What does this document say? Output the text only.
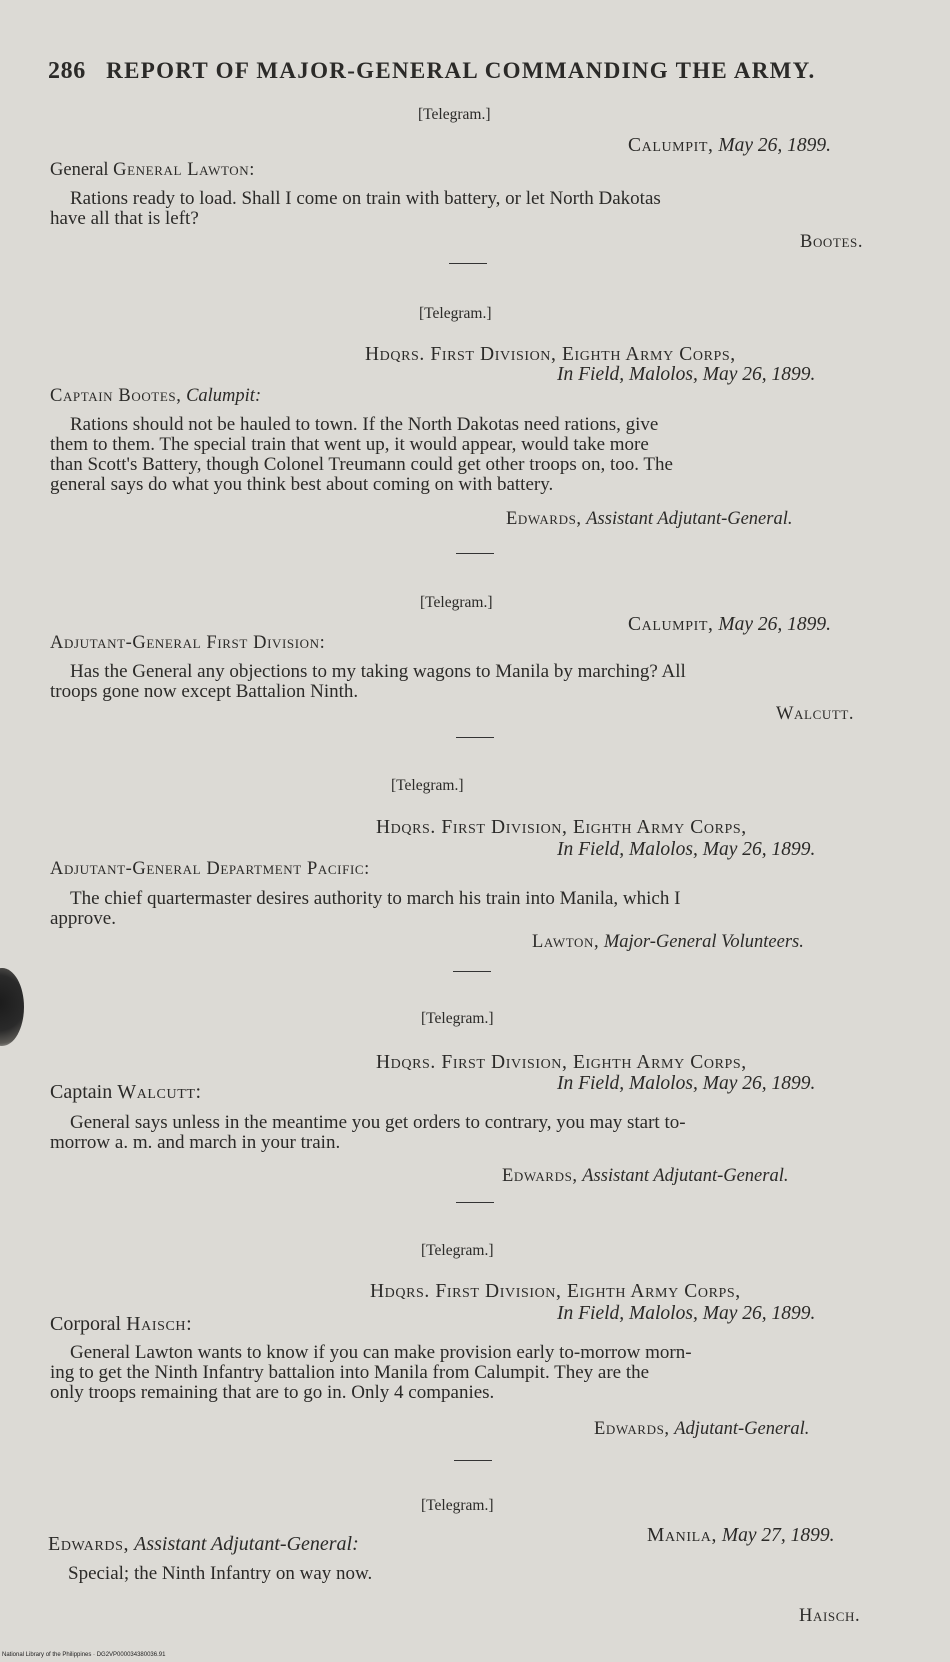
286 REPORT OF MAJOR-GENERAL COMMANDING THE ARMY.
[Telegram.]
Calumpit, May 26, 1899.
General General Lawton:
Rations ready to load. Shall I come on train with battery, or let North Dakotas
have all that is left?
Bootes.
[Telegram.]
Hdqrs. First Division, Eighth Army Corps,
In Field, Malolos, May 26, 1899.
Captain Bootes, Calumpit:
Rations should not be hauled to town. If the North Dakotas need rations, give
them to them. The special train that went up, it would appear, would take more
than Scott's Battery, though Colonel Treumann could get other troops on, too. The
general says do what you think best about coming on with battery.
Edwards, Assistant Adjutant-General.
[Telegram.]
Calumpit, May 26, 1899.
Adjutant-General First Division:
Has the General any objections to my taking wagons to Manila by marching? All
troops gone now except Battalion Ninth.
Walcutt.
[Telegram.]
Hdqrs. First Division, Eighth Army Corps,
In Field, Malolos, May 26, 1899.
Adjutant-General Department Pacific:
The chief quartermaster desires authority to march his train into Manila, which I
approve.
Lawton, Major-General Volunteers.
[Telegram.]
Hdqrs. First Division, Eighth Army Corps,
In Field, Malolos, May 26, 1899.
Captain Walcutt:
General says unless in the meantime you get orders to contrary, you may start to-
morrow a. m. and march in your train.
Edwards, Assistant Adjutant-General.
[Telegram.]
Hdqrs. First Division, Eighth Army Corps,
In Field, Malolos, May 26, 1899.
Corporal Haisch:
General Lawton wants to know if you can make provision early to-morrow morn-
ing to get the Ninth Infantry battalion into Manila from Calumpit. They are the
only troops remaining that are to go in. Only 4 companies.
Edwards, Adjutant-General.
[Telegram.]
Manila, May 27, 1899.
Edwards, Assistant Adjutant-General:
Special; the Ninth Infantry on way now.
Haisch.
National Library of the Philippines · DG2VP000034380036.91
